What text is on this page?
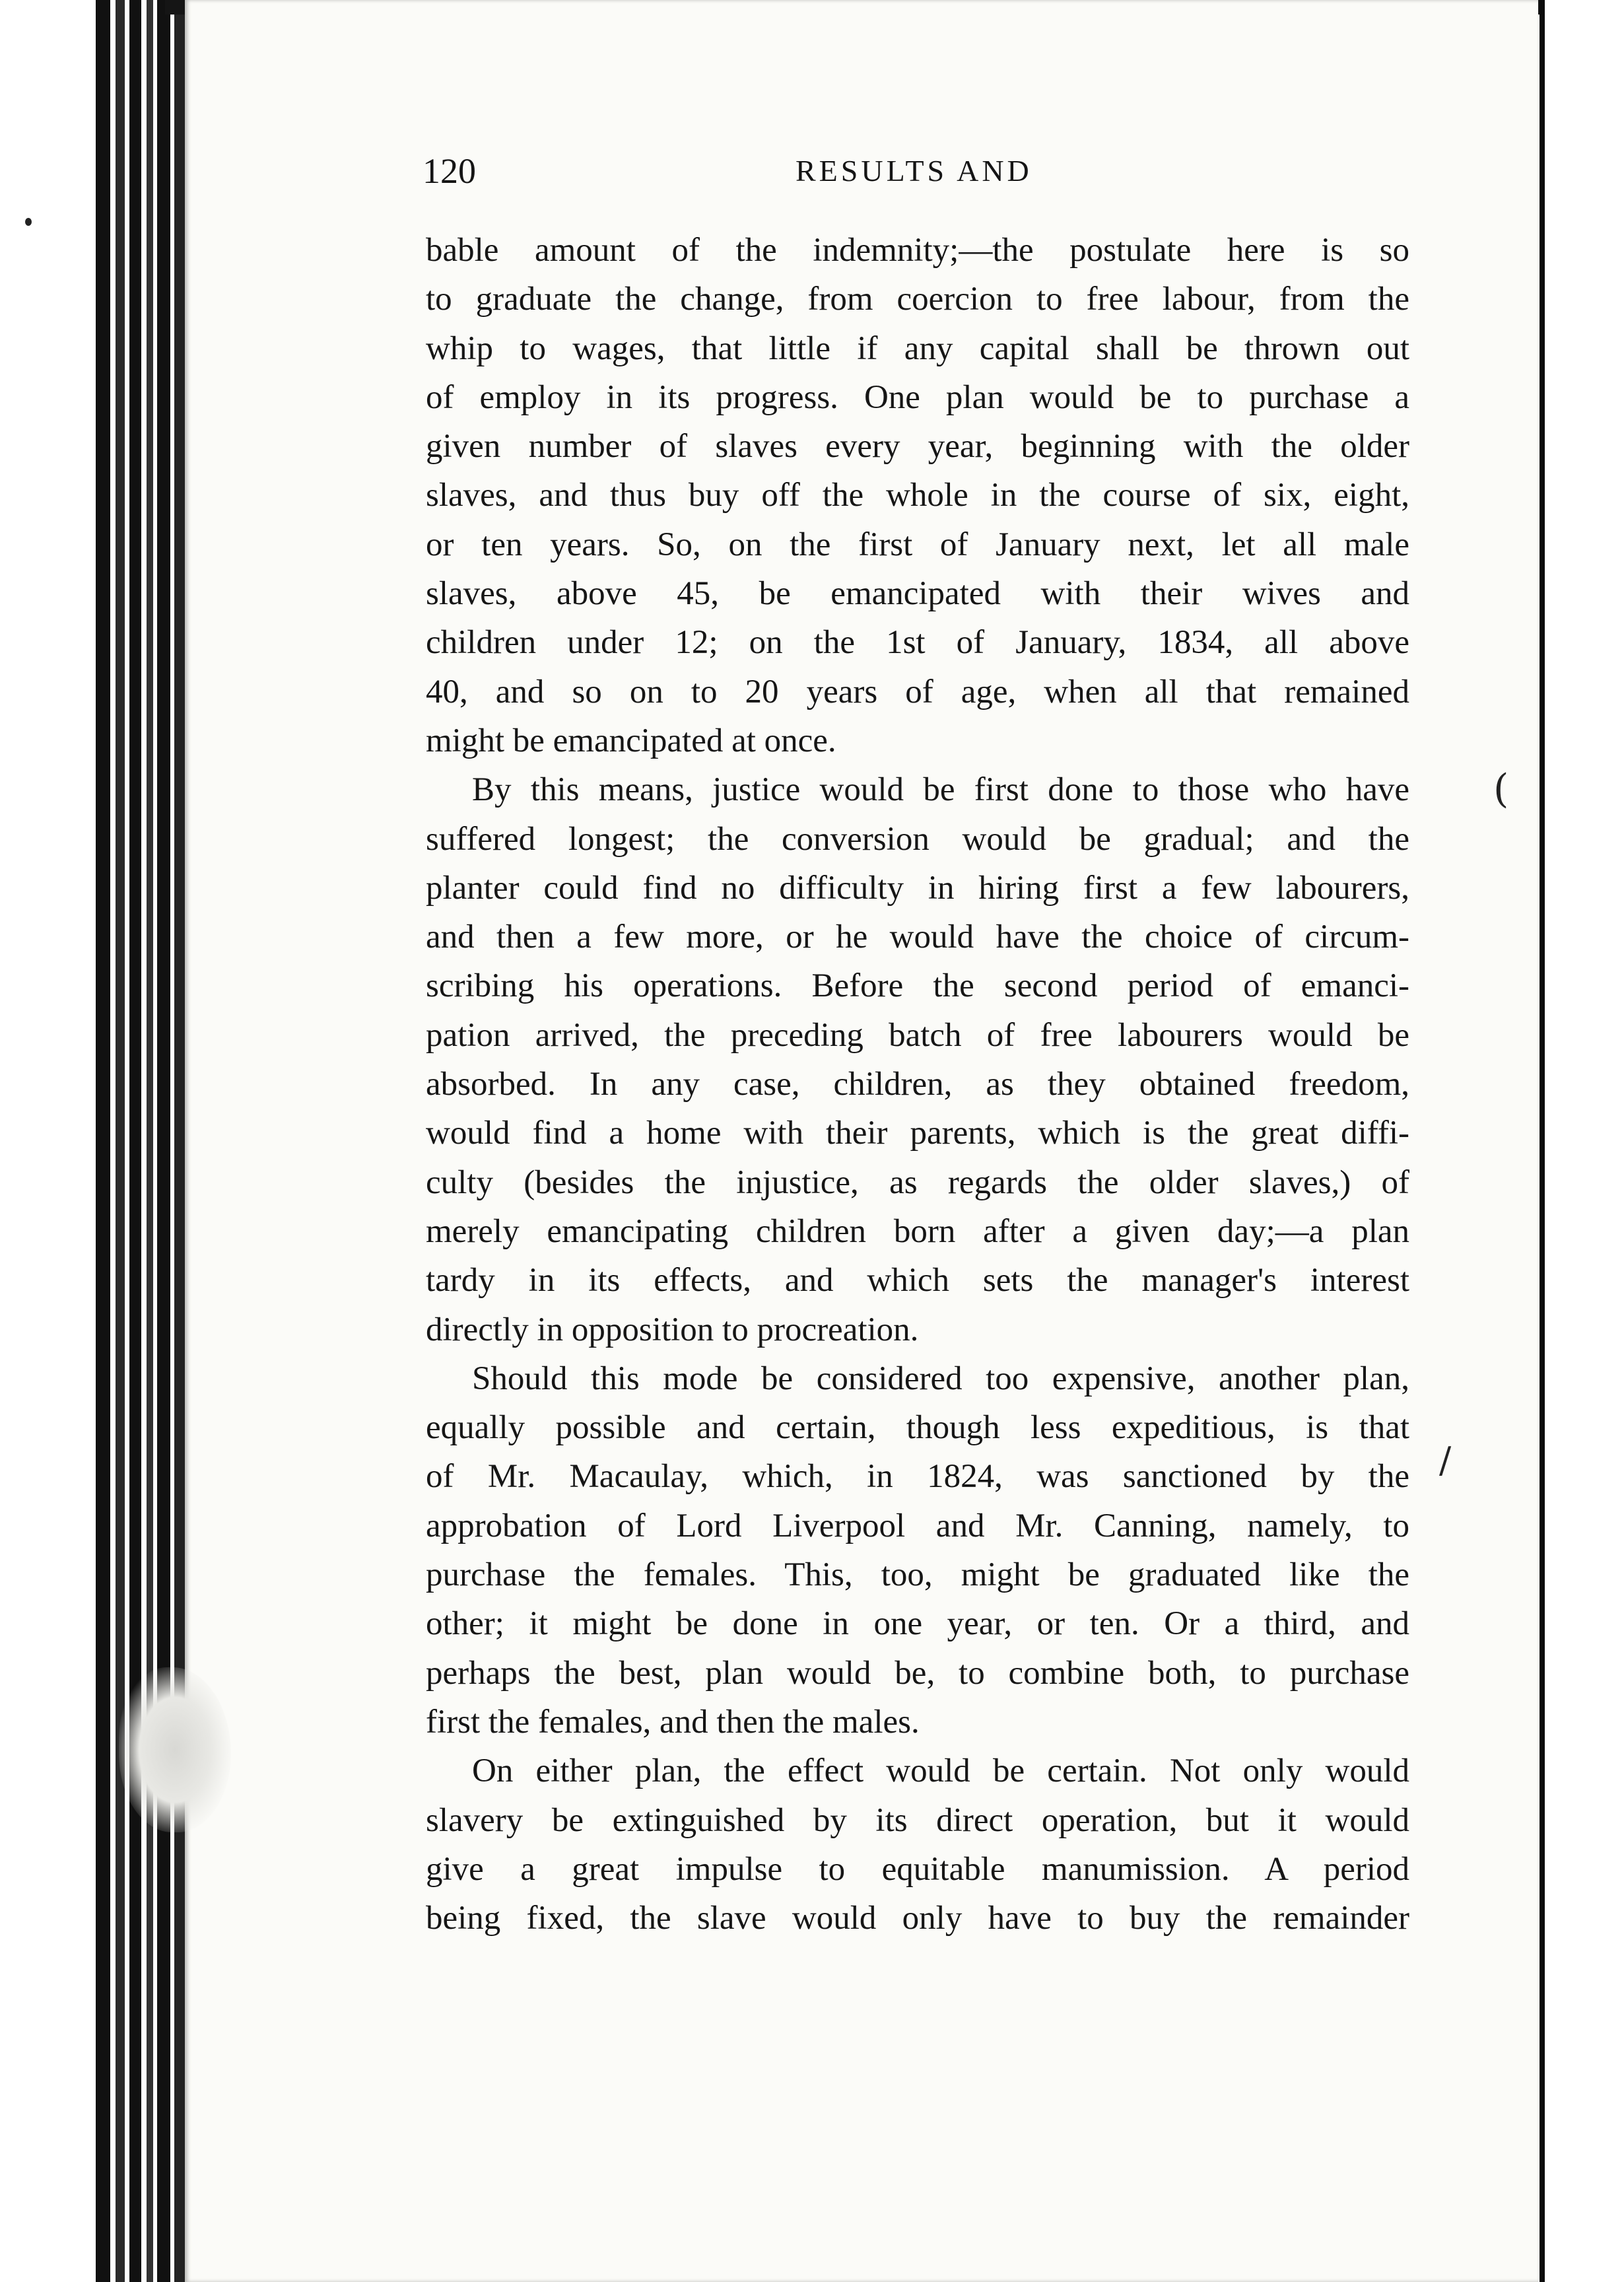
(
/
120	RESULTS AND
bable amount of the indemnity;—the postulate here is so
to graduate the change, from coercion to free labour, from the
whip to wages, that little if any capital shall be thrown out
of employ in its progress. One plan would be to purchase a
given number of slaves every year, beginning with the older
slaves, and thus buy off the whole in the course of six, eight,
or ten years. So, on the first of January next, let all male
slaves, above 45, be emancipated with their wives and
children under 12; on the 1st of January, 1834, all above
40, and so on to 20 years of age, when all that remained
might be emancipated at once.
By this means, justice would be first done to those who have
suffered longest; the conversion would be gradual; and the
planter could find no difficulty in hiring first a few labourers,
and then a few more, or he would have the choice of circum-
scribing his operations. Before the second period of emanci-
pation arrived, the preceding batch of free labourers would be
absorbed. In any case, children, as they obtained freedom,
would find a home with their parents, which is the great diffi-
culty (besides the injustice, as regards the older slaves,) of
merely emancipating children born after a given day;—a plan
tardy in its effects, and which sets the manager's interest
directly in opposition to procreation.
Should this mode be considered too expensive, another plan,
equally possible and certain, though less expeditious, is that
of Mr. Macaulay, which, in 1824, was sanctioned by the
approbation of Lord Liverpool and Mr. Canning, namely, to
purchase the females. This, too, might be graduated like the
other; it might be done in one year, or ten. Or a third, and
perhaps the best, plan would be, to combine both, to purchase
first the females, and then the males.
On either plan, the effect would be certain. Not only would
slavery be extinguished by its direct operation, but it would
give a great impulse to equitable manumission. A period
being fixed, the slave would only have to buy the remainder
